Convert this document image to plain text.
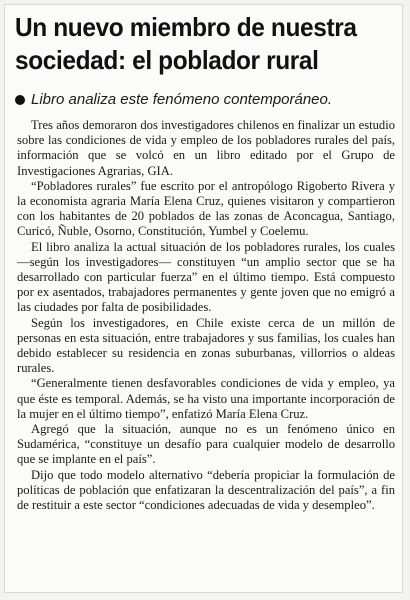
Un nuevo miembro de nuestra sociedad: el poblador rural
Libro analiza este fenómeno contemporáneo.

Tres años demoraron dos investigadores chilenos en finalizar un estudio sobre las condiciones de vida y empleo de los pobladores rurales del país, información que se volcó en un libro editado por el Grupo de Investigaciones Agrarias, GIA.

“Pobladores rurales” fue escrito por el antropólogo Rigoberto Rivera y la economista agraria María Elena Cruz, quienes visitaron y compartieron con los habitantes de 20 poblados de las zonas de Aconcagua, Santiago, Curicó, Ñuble, Osorno, Constitución, Yumbel y Coelemu.

El libro analiza la actual situación de los pobladores rurales, los cuales —según los investigadores— constituyen “un amplio sector que se ha desarrollado con particular fuerza” en el último tiempo. Está compuesto por ex asentados, trabajadores permanentes y gente joven que no emigró a las ciudades por falta de posibilidades.

Según los investigadores, en Chile existe cerca de un millón de personas en esta situación, entre trabajadores y sus familias, los cuales han debido establecer su residencia en zonas suburbanas, villorrios o aldeas rurales.

“Generalmente tienen desfavorables condiciones de vida y empleo, ya que éste es temporal. Además, se ha visto una importante incorporación de la mujer en el último tiempo”, enfatizó María Elena Cruz.

Agregó que la situación, aunque no es un fenómeno único en Sudamérica, “constituye un desafío para cualquier modelo de desarrollo que se implante en el país”.

Dijo que todo modelo alternativo “debería propiciar la formulación de políticas de población que enfatizaran la descentralización del país”, a fin de restituir a este sector “condiciones adecuadas de vida y desempleo”.
